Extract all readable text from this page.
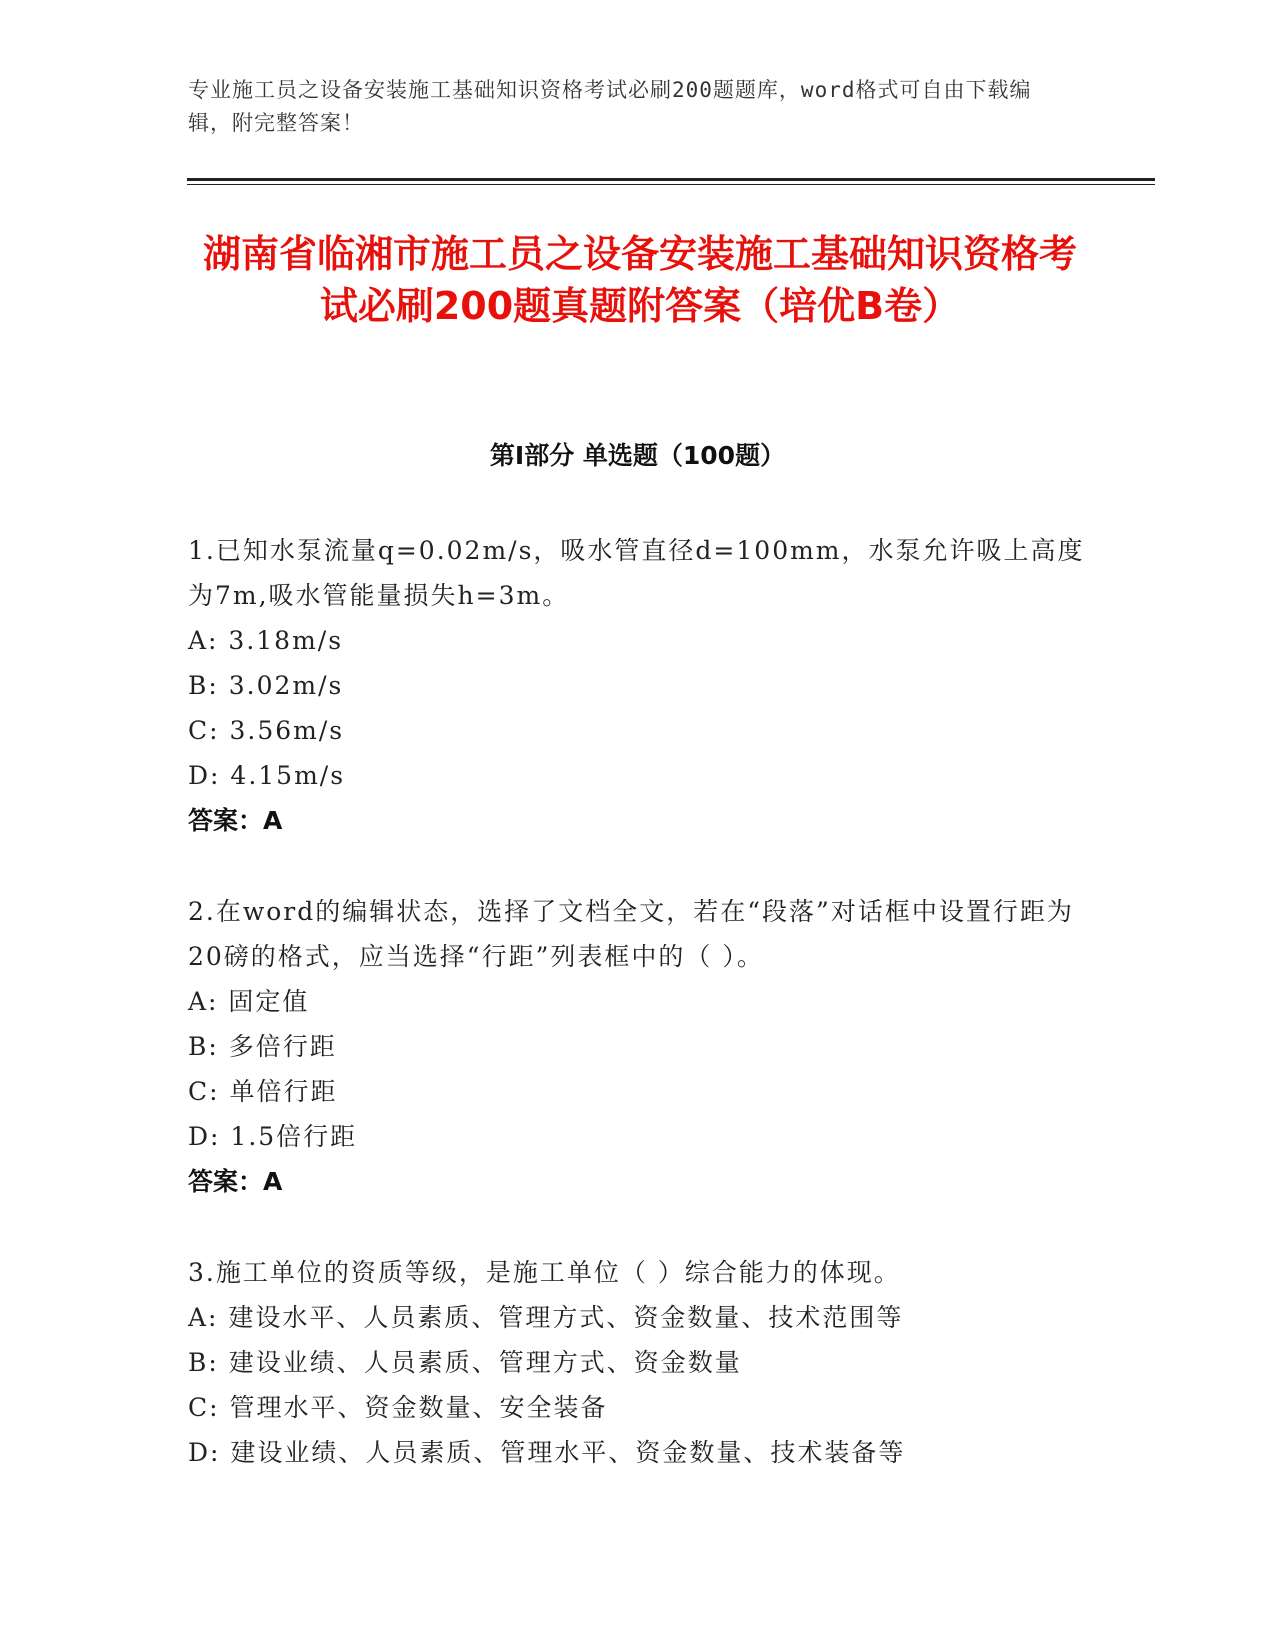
专业施工员之设备安装施工基础知识资格考试必刷200题题库，word格式可自由下载编辑，附完整答案！
湖南省临湘市施工员之设备安装施工基础知识资格考试必刷200题真题附答案（培优B卷）
第Ⅰ部分 单选题（100题）
1.已知水泵流量q=0.02m/s，吸水管直径d=100mm，水泵允许吸上高度为7m,吸水管能量损失h=3m。
A: 3.18m/s
B: 3.02m/s
C: 3.56m/s
D: 4.15m/s
答案：A
2.在word的编辑状态，选择了文档全文，若在“段落”对话框中设置行距为20磅的格式，应当选择“行距”列表框中的（ ）。
A: 固定值
B: 多倍行距
C: 单倍行距
D: 1.5倍行距
答案：A
3.施工单位的资质等级，是施工单位（ ）综合能力的体现。
A: 建设水平、人员素质、管理方式、资金数量、技术范围等
B: 建设业绩、人员素质、管理方式、资金数量
C: 管理水平、资金数量、安全装备
D: 建设业绩、人员素质、管理水平、资金数量、技术装备等
